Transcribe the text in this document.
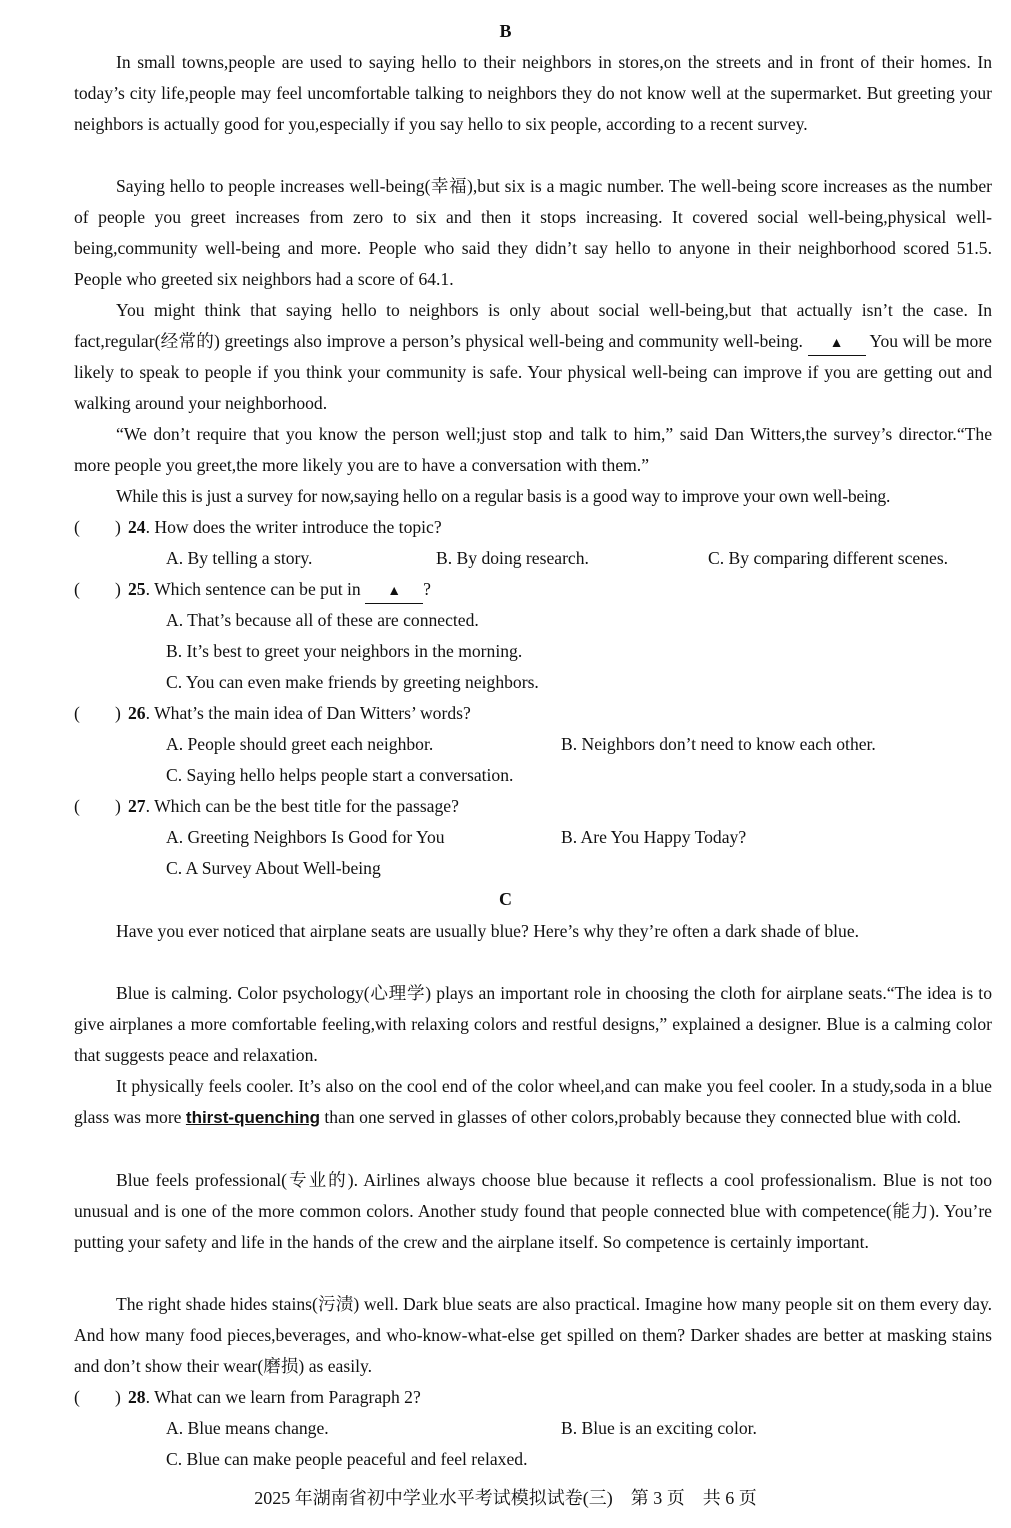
B

In small towns,people are used to saying hello to their neighbors in stores,on the streets and in front of their homes. In today’s city life,people may feel uncomfortable talking to neighbors they do not know well at the supermarket. But greeting your neighbors is actually good for you,especially if you say hello to six people, according to a recent survey.

Saying hello to people increases well-being(幸福),but six is a magic number. The well-being score increases as the number of people you greet increases from zero to six and then it stops increasing. It covered social well-being,physical well-being,community well-being and more. People who said they didn’t say hello to anyone in their neighborhood scored 51.5. People who greeted six neighbors had a score of 64.1.

You might think that saying hello to neighbors is only about social well-being,but that actually isn’t the case. In fact,regular(经常的) greetings also improve a person’s physical well-being and community well-being. ▲ You will be more likely to speak to people if you think your community is safe. Your physical well-being can improve if you are getting out and walking around your neighborhood.

“We don’t require that you know the person well;just stop and talk to him,” said Dan Witters,the survey’s director.“The more people you greet,the more likely you are to have a conversation with them.”

While this is just a survey for now,saying hello on a regular basis is a good way to improve your own well-being.

(　　) 24. How does the writer introduce the topic?
A. By telling a story.	B. By doing research.	C. By comparing different scenes.
(　　) 25. Which sentence can be put in ▲ ?
A. That’s because all of these are connected.
B. It’s best to greet your neighbors in the morning.
C. You can even make friends by greeting neighbors.
(　　) 26. What’s the main idea of Dan Witters’ words?
A. People should greet each neighbor.	B. Neighbors don’t need to know each other.
C. Saying hello helps people start a conversation.
(　　) 27. Which can be the best title for the passage?
A. Greeting Neighbors Is Good for You	B. Are You Happy Today?
C. A Survey About Well-being
C

Have you ever noticed that airplane seats are usually blue? Here’s why they’re often a dark shade of blue.

Blue is calming. Color psychology(心理学) plays an important role in choosing the cloth for airplane seats.“The idea is to give airplanes a more comfortable feeling,with relaxing colors and restful designs,” explained a designer. Blue is a calming color that suggests peace and relaxation.

It physically feels cooler. It’s also on the cool end of the color wheel,and can make you feel cooler. In a study,soda in a blue glass was more thirst-quenching than one served in glasses of other colors,probably because they connected blue with cold.

Blue feels professional(专业的). Airlines always choose blue because it reflects a cool professionalism. Blue is not too unusual and is one of the more common colors. Another study found that people connected blue with competence(能力). You’re putting your safety and life in the hands of the crew and the airplane itself. So competence is certainly important.

The right shade hides stains(污渍) well. Dark blue seats are also practical. Imagine how many people sit on them every day. And how many food pieces,beverages, and who-know-what-else get spilled on them? Darker shades are better at masking stains and don’t show their wear(磨损) as easily.

(　　) 28. What can we learn from Paragraph 2?
A. Blue means change.	B. Blue is an exciting color.
C. Blue can make people peaceful and feel relaxed.
2025 年湖南省初中学业水平考试模拟试卷(三)　第 3 页　共 6 页
